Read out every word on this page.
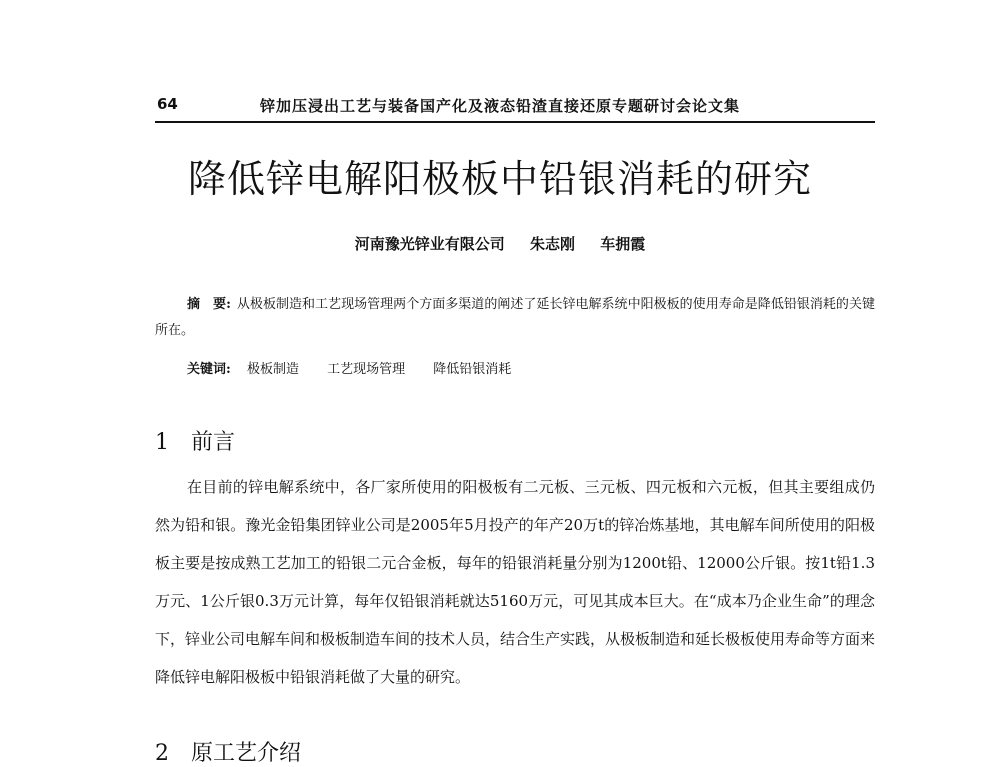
64	锌加压浸出工艺与装备国产化及液态铅渣直接还原专题研讨会论文集
降低锌电解阳极板中铅银消耗的研究
河南豫光锌业有限公司 朱志刚 车拥霞
摘　要: 从极板制造和工艺现场管理两个方面多渠道的阐述了延长锌电解系统中阳极板的使用寿命是降低铅银消耗的关键所在。
关键词: 极板制造 工艺现场管理 降低铅银消耗
1 前言

在目前的锌电解系统中，各厂家所使用的阳极板有二元板、三元板、四元板和六元板，但其主要组成仍然为铅和银。豫光金铅集团锌业公司是2005年5月投产的年产20万t的锌冶炼基地，其电解车间所使用的阳极板主要是按成熟工艺加工的铅银二元合金板，每年的铅银消耗量分别为1200t铅、12000公斤银。按1t铅1.3万元、1公斤银0.3万元计算，每年仅铅银消耗就达5160万元，可见其成本巨大。在“成本乃企业生命”的理念下，锌业公司电解车间和极板制造车间的技术人员，结合生产实践，从极板制造和延长极板使用寿命等方面来降低锌电解阳极板中铅银消耗做了大量的研究。

2 原工艺介绍
